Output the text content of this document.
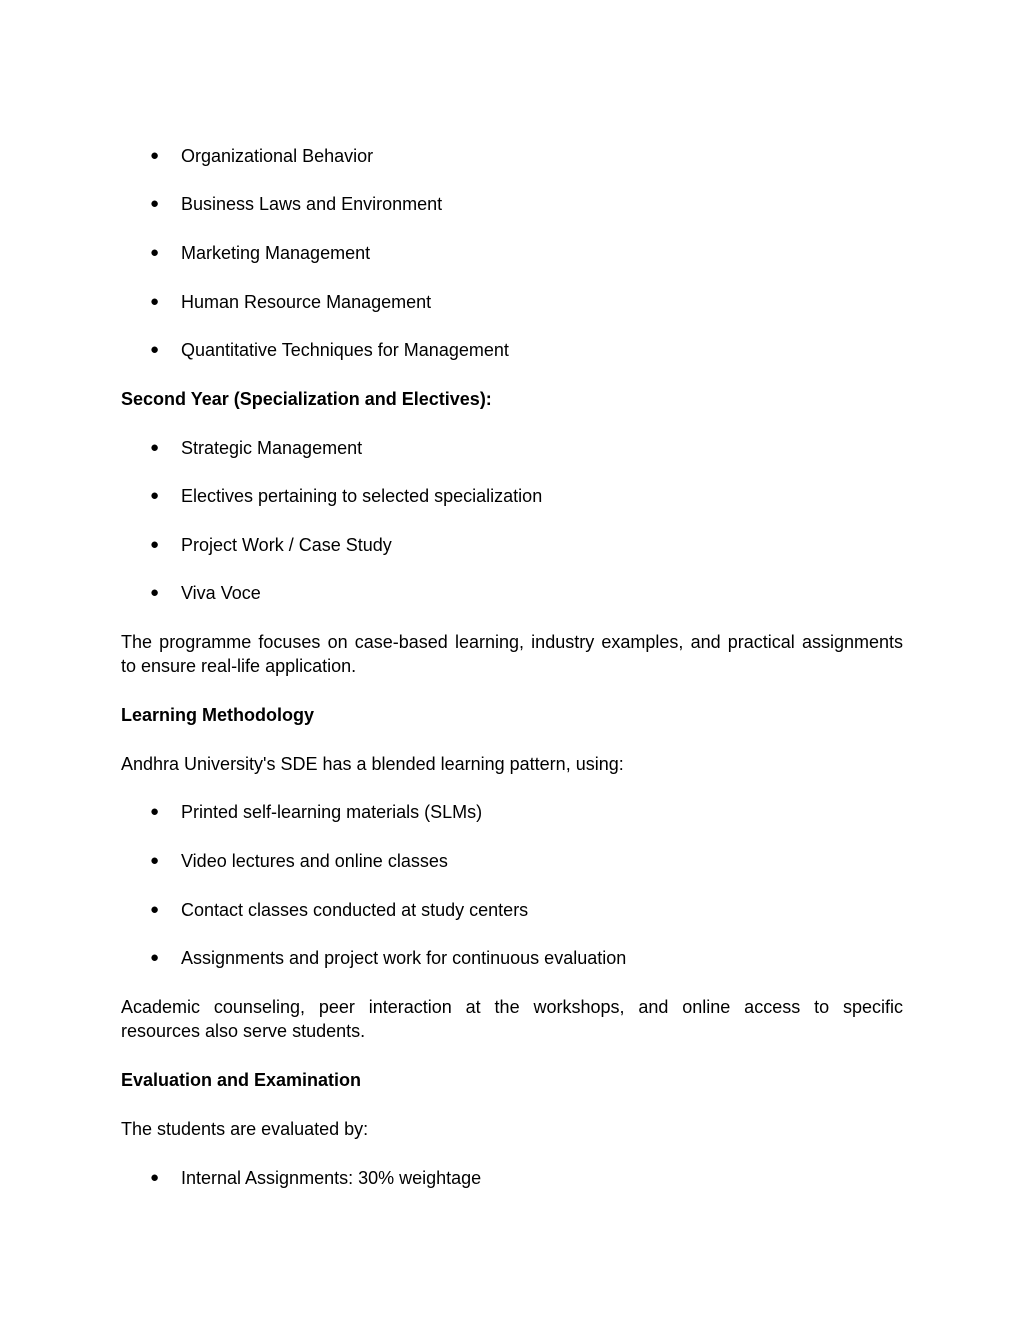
● Organizational Behavior
● Business Laws and Environment
● Marketing Management
● Human Resource Management
● Quantitative Techniques for Management
Second Year (Specialization and Electives):
● Strategic Management
● Electives pertaining to selected specialization
● Project Work / Case Study
● Viva Voce
The programme focuses on case-based learning, industry examples, and practical assignments
to ensure real-life application.
Learning Methodology
Andhra University's SDE has a blended learning pattern, using:
● Printed self-learning materials (SLMs)
● Video lectures and online classes
● Contact classes conducted at study centers
● Assignments and project work for continuous evaluation
Academic counseling, peer interaction at the workshops, and online access to specific
resources also serve students.
Evaluation and Examination
The students are evaluated by:
● Internal Assignments: 30% weightage
